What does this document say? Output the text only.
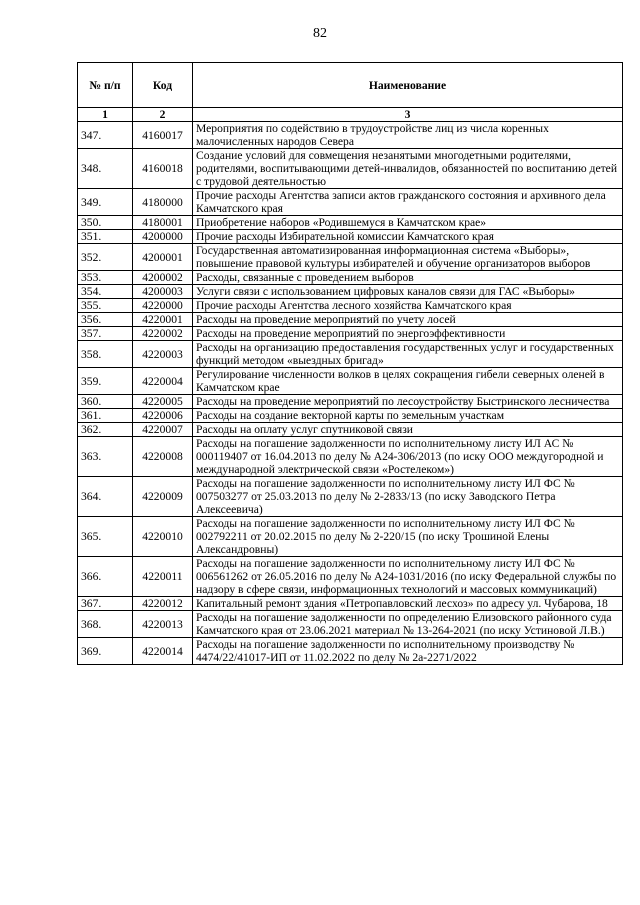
82
№ п/п	Код	Наименование
1	2	3
347.	4160017	Мероприятия по содействию в трудоустройстве лиц из числа коренных малочисленных народов Севера
348.	4160018	Создание условий для совмещения незанятыми многодетными родителями, родителями, воспитывающими детей-инвалидов, обязанностей по воспитанию детей с трудовой деятельностью
349.	4180000	Прочие расходы Агентства записи актов гражданского состояния и архивного дела Камчатского края
350.	4180001	Приобретение наборов «Родившемуся в Камчатском крае»
351.	4200000	Прочие расходы Избирательной комиссии Камчатского края
352.	4200001	Государственная автоматизированная информационная система «Выборы», повышение правовой культуры избирателей и обучение организаторов выборов
353.	4200002	Расходы, связанные с проведением выборов
354.	4200003	Услуги связи с использованием цифровых каналов связи для ГАС «Выборы»
355.	4220000	Прочие расходы Агентства лесного хозяйства Камчатского края
356.	4220001	Расходы на проведение мероприятий по учету лосей
357.	4220002	Расходы на проведение мероприятий по энергоэффективности
358.	4220003	Расходы на организацию предоставления государственных услуг и государственных функций методом «выездных бригад»
359.	4220004	Регулирование численности волков в целях сокращения гибели северных оленей в Камчатском крае
360.	4220005	Расходы на проведение мероприятий по лесоустройству Быстринского лесничества
361.	4220006	Расходы на создание векторной карты по земельным участкам
362.	4220007	Расходы на оплату услуг спутниковой связи
363.	4220008	Расходы на погашение задолженности по исполнительному листу ИЛ АС № 000119407 от 16.04.2013 по делу № А24-306/2013 (по иску ООО междугородной и международной электрической связи «Ростелеком»)
364.	4220009	Расходы на погашение задолженности по исполнительному листу ИЛ ФС № 007503277 от 25.03.2013 по делу № 2-2833/13 (по иску Заводского Петра Алексеевича)
365.	4220010	Расходы на погашение задолженности по исполнительному листу ИЛ ФС № 002792211 от 20.02.2015 по делу № 2-220/15 (по иску Трошиной Елены Александровны)
366.	4220011	Расходы на погашение задолженности по исполнительному листу ИЛ ФС № 006561262 от 26.05.2016 по делу № А24-1031/2016 (по иску Федеральной службы по надзору в сфере связи, информационных технологий и массовых коммуникаций)
367.	4220012	Капитальный ремонт здания «Петропавловский лесхоз» по адресу ул. Чубарова, 18
368.	4220013	Расходы на погашение задолженности по определению Елизовского районного суда Камчатского края от 23.06.2021 материал № 13-264-2021 (по иску Устиновой Л.В.)
369.	4220014	Расходы на погашение задолженности по исполнительному производству № 4474/22/41017-ИП от 11.02.2022 по делу № 2а-2271/2022
